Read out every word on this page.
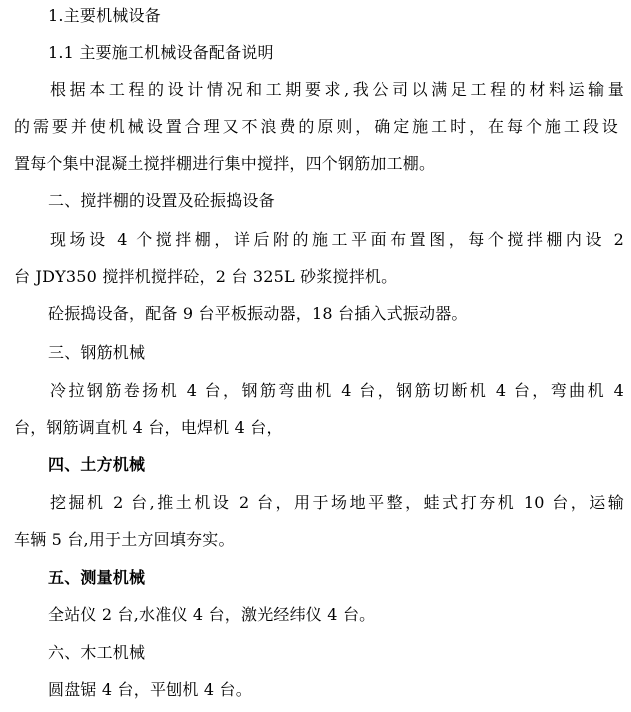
1.主要机械设备
1.1 主要施工机械设备配备说明
根据本工程的设计情况和工期要求,我公司以满足工程的材料运输量
的需要并使机械设置合理又不浪费的原则，确定施工时，在每个施工段设
置每个集中混凝土搅拌棚进行集中搅拌，四个钢筋加工棚。
二、搅拌棚的设置及砼振捣设备
现场设 4 个搅拌棚，详后附的施工平面布置图，每个搅拌棚内设 2
台 JDY350 搅拌机搅拌砼，2 台 325L 砂浆搅拌机。
砼振捣设备，配备 9 台平板振动器，18 台插入式振动器。
三、钢筋机械
冷拉钢筋卷扬机 4 台，钢筋弯曲机 4 台，钢筋切断机 4 台，弯曲机 4
台，钢筋调直机 4 台，电焊机 4 台，
四、土方机械
挖掘机 2 台,推土机设 2 台，用于场地平整，蛙式打夯机 10 台，运输
车辆 5 台,用于土方回填夯实。
五、测量机械
全站仪 2 台,水准仪 4 台，激光经纬仪 4 台。
六、木工机械
圆盘锯 4 台，平刨机 4 台。
